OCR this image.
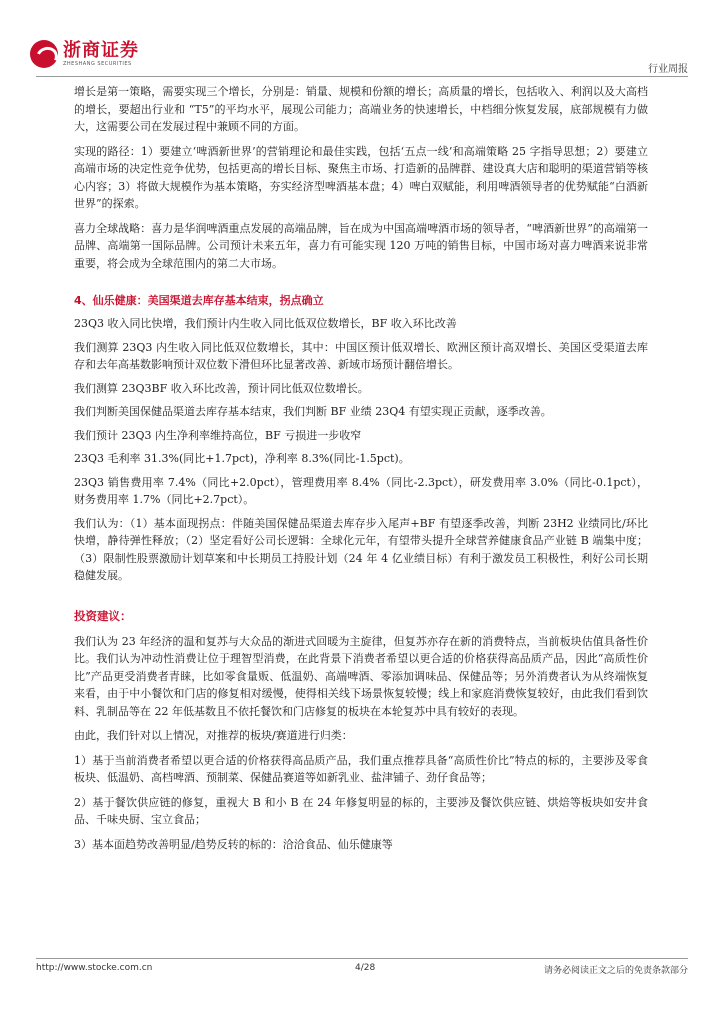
浙商证券
ZHESHANG SECURITIES	行业周报

增长是第一策略，需要实现三个增长，分别是：销量、规模和份额的增长；高质量的增长，包括收入、利润以及大高档的增长，要超出行业和 “T5”的平均水平，展现公司能力；高端业务的快速增长，中档细分恢复发展，底部规模有力做大，这需要公司在发展过程中兼顾不同的方面。

实现的路径：1）要建立‘啤酒新世界’的营销理论和最佳实践，包括‘五点一线’和高端策略 25 字指导思想；2）要建立高端市场的决定性竞争优势，包括更高的增长目标、聚焦主市场、打造新的品牌群、建设真大店和聪明的渠道营销等核心内容；3）将做大规模作为基本策略，夯实经济型啤酒基本盘；4）啤白双赋能，利用啤酒领导者的优势赋能“白酒新世界”的探索。

喜力全球战略：喜力是华润啤酒重点发展的高端品牌，旨在成为中国高端啤酒市场的领导者，“啤酒新世界”的高端第一品牌、高端第一国际品牌。公司预计未来五年，喜力有可能实现 120 万吨的销售目标，中国市场对喜力啤酒来说非常重要，将会成为全球范围内的第二大市场。

4、仙乐健康：美国渠道去库存基本结束，拐点确立

23Q3 收入同比快增，我们预计内生收入同比低双位数增长，BF 收入环比改善

我们测算 23Q3 内生收入同比低双位数增长，其中：中国区预计低双增长、欧洲区预计高双增长、美国区受渠道去库存和去年高基数影响预计双位数下滑但环比显著改善、新域市场预计翻倍增长。

我们测算 23Q3BF 收入环比改善，预计同比低双位数增长。

我们判断美国保健品渠道去库存基本结束，我们判断 BF 业绩 23Q4 有望实现正贡献，逐季改善。

我们预计 23Q3 内生净利率维持高位，BF 亏损进一步收窄

23Q3 毛利率 31.3%(同比+1.7pct)，净利率 8.3%(同比-1.5pct)。

23Q3 销售费用率 7.4%（同比+2.0pct），管理费用率 8.4%（同比-2.3pct），研发费用率 3.0%（同比-0.1pct），财务费用率 1.7%（同比+2.7pct）。

我们认为：（1）基本面现拐点：伴随美国保健品渠道去库存步入尾声+BF 有望逐季改善，判断 23H2 业绩同比/环比快增，静待弹性释放；（2）坚定看好公司长逻辑：全球化元年，有望带头提升全球营养健康食品产业链 B 端集中度；（3）限制性股票激励计划草案和中长期员工持股计划（24 年 4 亿业绩目标）有利于激发员工积极性，利好公司长期稳健发展。

投资建议：

我们认为 23 年经济的温和复苏与大众品的渐进式回暖为主旋律，但复苏亦存在新的消费特点，当前板块估值具备性价比。我们认为冲动性消费让位于理智型消费，在此背景下消费者希望以更合适的价格获得高品质产品，因此“高质性价比”产品更受消费者青睐，比如零食量贩、低温奶、高端啤酒、零添加调味品、保健品等；另外消费者认为从终端恢复来看，由于中小餐饮和门店的修复相对缓慢，使得相关线下场景恢复较慢；线上和家庭消费恢复较好，由此我们看到饮料、乳制品等在 22 年低基数且不依托餐饮和门店修复的板块在本轮复苏中具有较好的表现。

由此，我们针对以上情况，对推荐的板块/赛道进行归类：

1）基于当前消费者希望以更合适的价格获得高品质产品，我们重点推荐具备“高质性价比”特点的标的，主要涉及零食板块、低温奶、高档啤酒、预制菜、保健品赛道等如新乳业、盐津铺子、劲仔食品等；

2）基于餐饮供应链的修复，重视大 B 和小 B 在 24 年修复明显的标的，主要涉及餐饮供应链、烘焙等板块如安井食品、千味央厨、宝立食品；

3）基本面趋势改善明显/趋势反转的标的：洽洽食品、仙乐健康等

http://www.stocke.com.cn	4/28	请务必阅读正文之后的免责条款部分
